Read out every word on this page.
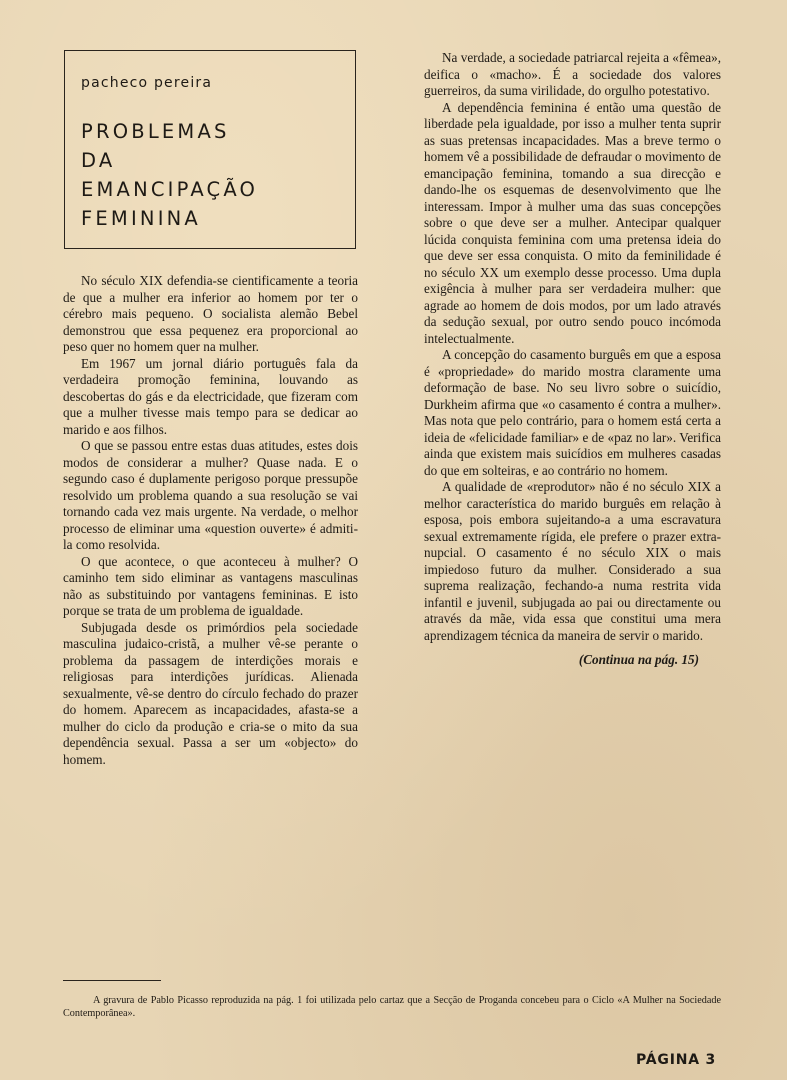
pacheco pereira
PROBLEMAS
DA
EMANCIPAÇÃO
FEMININA

No século XIX defendia-se cientificamente a teoria de que a mulher era inferior ao homem por ter o cérebro mais pequeno. O socialista alemão Bebel demonstrou que essa pequenez era proporcional ao peso quer no homem quer na mulher.

Em 1967 um jornal diário português fala da verdadeira promoção feminina, louvando as descobertas do gás e da electricidade, que fizeram com que a mulher tivesse mais tempo para se dedicar ao marido e aos filhos.

O que se passou entre estas duas atitudes, estes dois modos de considerar a mulher? Quase nada. E o segundo caso é duplamente perigoso porque pressupõe resolvido um problema quando a sua resolução se vai tornando cada vez mais urgente. Na verdade, o melhor processo de eliminar uma «question ouverte» é admiti-la como resolvida.

O que acontece, o que aconteceu à mulher? O caminho tem sido eliminar as vantagens masculinas não as substituindo por vantagens femininas. E isto porque se trata de um problema de igualdade.

Subjugada desde os primórdios pela sociedade masculina judaico-cristã, a mulher vê-se perante o problema da passagem de interdições morais e religiosas para interdições jurídicas. Alienada sexualmente, vê-se dentro do círculo fechado do prazer do homem. Aparecem as incapacidades, afasta-se a mulher do ciclo da produção e cria-se o mito da sua dependência sexual. Passa a ser um «objecto» do homem.

Na verdade, a sociedade patriarcal rejeita a «fêmea», deifica o «macho». É a sociedade dos valores guerreiros, da suma virilidade, do orgulho potestativo.

A dependência feminina é então uma questão de liberdade pela igualdade, por isso a mulher tenta suprir as suas pretensas incapacidades. Mas a breve termo o homem vê a possibilidade de defraudar o movimento de emancipação feminina, tomando a sua direcção e dando-lhe os esquemas de desenvolvimento que lhe interessam. Impor à mulher uma das suas concepções sobre o que deve ser a mulher. Antecipar qualquer lúcida conquista feminina com uma pretensa ideia do que deve ser essa conquista. O mito da feminilidade é no século XX um exemplo desse processo. Uma dupla exigência à mulher para ser verdadeira mulher: que agrade ao homem de dois modos, por um lado através da sedução sexual, por outro sendo pouco incómoda intelectualmente.

A concepção do casamento burguês em que a esposa é «propriedade» do marido mostra claramente uma deformação de base. No seu livro sobre o suicídio, Durkheim afirma que «o casamento é contra a mulher». Mas nota que pelo contrário, para o homem está certa a ideia de «felicidade familiar» e de «paz no lar». Verifica ainda que existem mais suicídios em mulheres casadas do que em solteiras, e ao contrário no homem.

A qualidade de «reprodutor» não é no século XIX a melhor característica do marido burguês em relação à esposa, pois embora sujeitando-a a uma escravatura sexual extremamente rígida, ele prefere o prazer extra-nupcial. O casamento é no século XIX o mais impiedoso futuro da mulher. Considerado a sua suprema realização, fechando-a numa restrita vida infantil e juvenil, subjugada ao pai ou directamente ou através da mãe, vida essa que constitui uma mera aprendizagem técnica da maneira de servir o marido.

(Continua na pág. 15)

A gravura de Pablo Picasso reproduzida na pág. 1 foi utilizada pelo cartaz que a Secção de Proganda concebeu para o Ciclo «A Mulher na Sociedade Contemporânea».

PÁGINA 3
